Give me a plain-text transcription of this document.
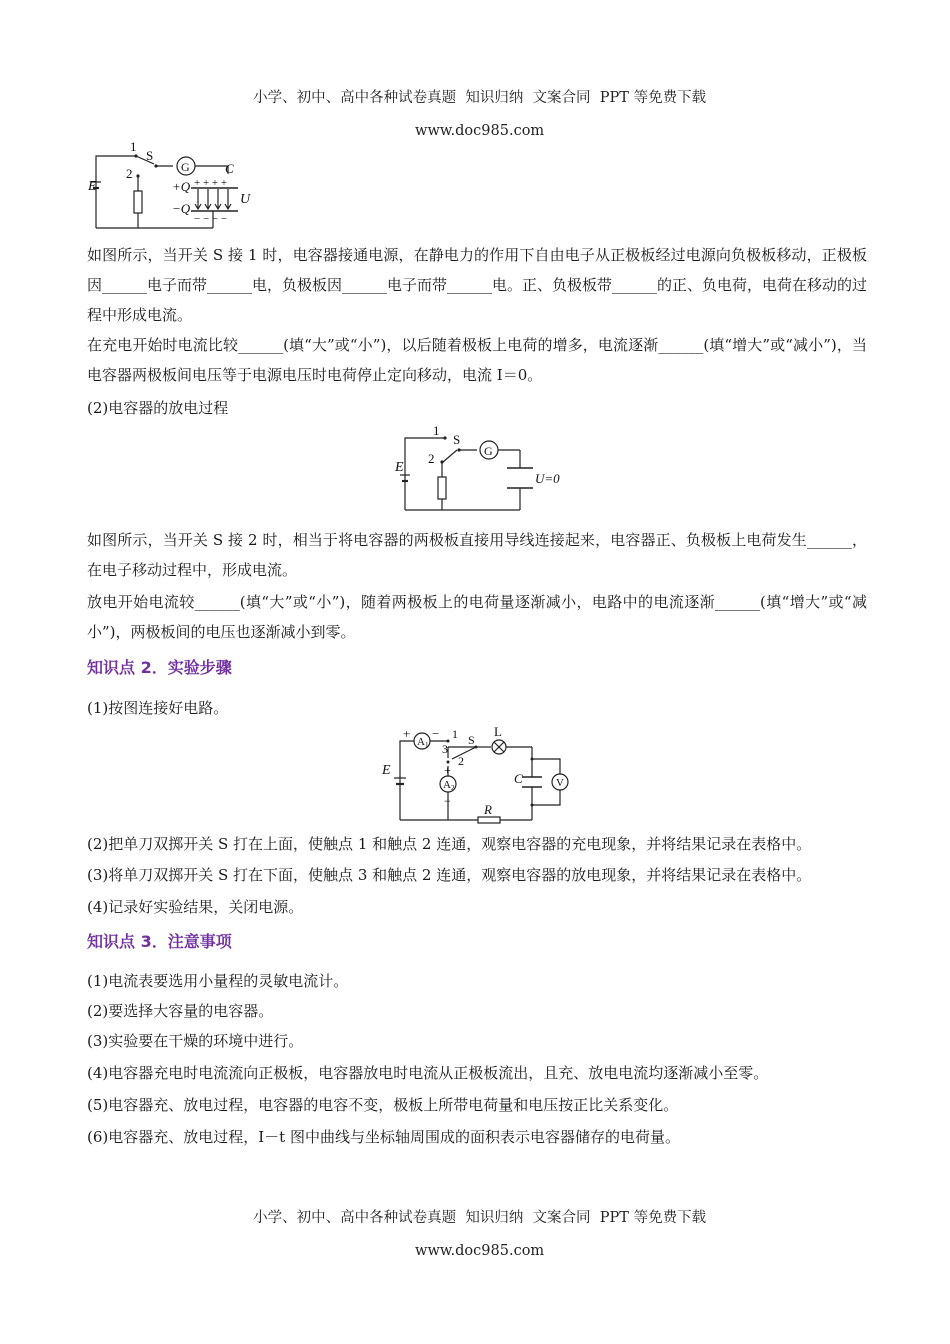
小学、初中、高中各种试卷真题  知识归纳  文案合同  PPT 等免费下载

www.doc985.com

1
S
G	C
2
E	+Q
−Q
U
+ + + +
− − − −
如图所示，当开关 S 接 1 时，电容器接通电源，在静电力的作用下自由电子从正极板经过电源向负极板移动，正极板因______电子而带______电，负极板因______电子而带______电。正、负极板带______的正、负电荷，电荷在移动的过程中形成电流。
在充电开始时电流比较______(填“大”或“小”)，以后随着极板上电荷的增多，电流逐渐______(填“增大”或“减小”)，当电容器两极板间电压等于电源电压时电荷停止定向移动，电流 I＝0。
(2)电容器的放电过程
1
S
G
2
E
U=0
如图所示，当开关 S 接 2 时，相当于将电容器的两极板直接用导线连接起来，电容器正、负极板上电荷发生______，在电子移动过程中，形成电流。
放电开始电流较______(填“大”或“小”)，随着两极板上的电荷量逐渐减小，电路中的电流逐渐______(填“增大”或“减小”)，两极板间的电压也逐渐减小到零。
知识点 2．实验步骤
(1)按图连接好电路。
A1
A2
+ − 1
3
2
S
L
+
−
E
C	V
R
(2)把单刀双掷开关 S 打在上面，使触点 1 和触点 2 连通，观察电容器的充电现象，并将结果记录在表格中。
(3)将单刀双掷开关 S 打在下面，使触点 3 和触点 2 连通，观察电容器的放电现象，并将结果记录在表格中。
(4)记录好实验结果，关闭电源。
知识点 3．注意事项
(1)电流表要选用小量程的灵敏电流计。
(2)要选择大容量的电容器。
(3)实验要在干燥的环境中进行。
(4)电容器充电时电流流向正极板，电容器放电时电流从正极板流出，且充、放电电流均逐渐减小至零。
(5)电容器充、放电过程，电容器的电容不变，极板上所带电荷量和电压按正比关系变化。
(6)电容器充、放电过程，I－t 图中曲线与坐标轴周围成的面积表示电容器储存的电荷量。

小学、初中、高中各种试卷真题  知识归纳  文案合同  PPT 等免费下载

www.doc985.com
